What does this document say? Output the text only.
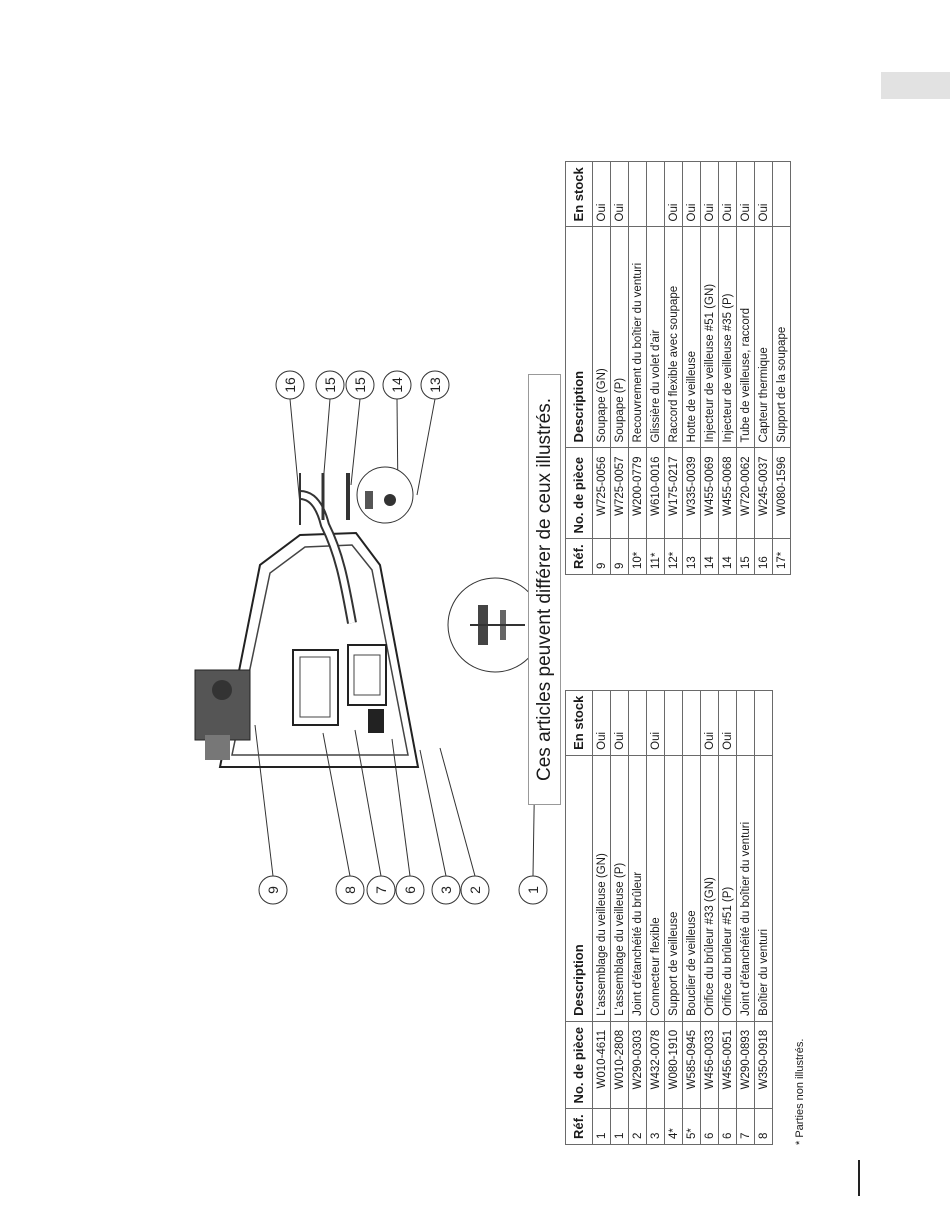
1
2
3
6
7
8
9
13
14
15
15
16
Ces articles peuvent différer de ceux illustrés.
Réf.	No. de pièce	Description	En stock
1	W010-4611	L'assemblage du veilleuse (GN)	Oui
1	W010-2808	L'assemblage du veilleuse (P)	Oui
2	W290-0303	Joint d'étanchéité du brûleur	
3	W432-0078	Connecteur flexible	Oui
4*	W080-1910	Support de veilleuse	
5*	W585-0945	Bouclier de veilleuse	
6	W456-0033	Orifice du brûleur #33 (GN)	Oui
6	W456-0051	Orifice du brûleur #51 (P)	Oui
7	W290-0893	Joint d'étanchéité du boîtier du venturi	
8	W350-0918	Boîtier du venturi	
Réf.	No. de pièce	Description	En stock
9	W725-0056	Soupape (GN)	Oui
9	W725-0057	Soupape (P)	Oui
10*	W200-0779	Recouvrement du boîtier du venturi	
11*	W610-0016	Glissière du volet d'air	
12*	W175-0217	Raccord flexible avec soupape	Oui
13	W335-0039	Hotte de veilleuse	Oui
14	W455-0069	Injecteur de veilleuse #51 (GN)	Oui
14	W455-0068	Injecteur de veilleuse #35 (P)	Oui
15	W720-0062	Tube de veilleuse, raccord	Oui
16	W245-0037	Capteur thermique	Oui
17*	W080-1596	Support de la soupape	
* Parties non illustrés.
